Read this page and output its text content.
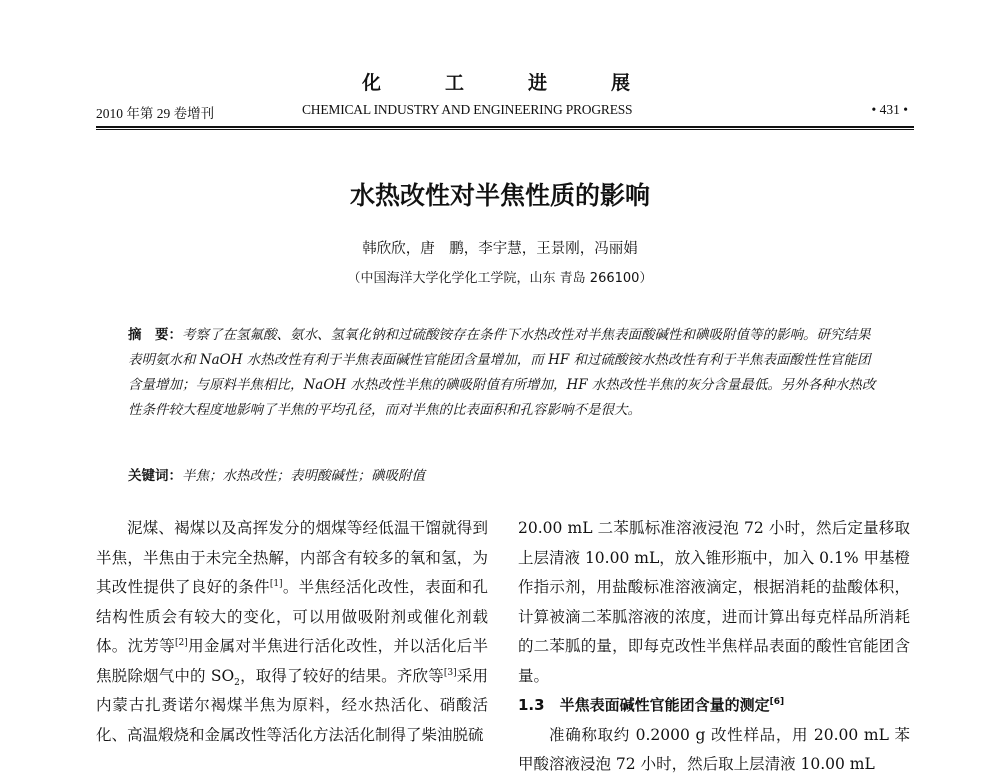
化	工	进	展
2010 年第 29 卷增刊	CHEMICAL INDUSTRY AND ENGINEERING PROGRESS	• 431 •
水热改性对半焦性质的影响
韩欣欣，唐　鹏，李宇慧，王景刚，冯丽娟
（中国海洋大学化学化工学院，山东 青岛 266100）
摘　要：考察了在氢氟酸、氨水、氢氧化钠和过硫酸铵存在条件下水热改性对半焦表面酸碱性和碘吸附值等的影响。研究结果表明氨水和 NaOH 水热改性有利于半焦表面碱性官能团含量增加，而 HF 和过硫酸铵水热改性有利于半焦表面酸性性官能团含量增加；与原料半焦相比，NaOH 水热改性半焦的碘吸附值有所增加，HF 水热改性半焦的灰分含量最低。另外各种水热改性条件较大程度地影响了半焦的平均孔径，而对半焦的比表面积和孔容影响不是很大。
关键词：半焦；水热改性；表明酸碱性；碘吸附值

泥煤、褐煤以及高挥发分的烟煤等经低温干馏就得到半焦，半焦由于未完全热解，内部含有较多的氧和氢，为其改性提供了良好的条件[1]。半焦经活化改性，表面和孔结构性质会有较大的变化，可以用做吸附剂或催化剂载体。沈芳等[2]用金属对半焦进行活化改性，并以活化后半焦脱除烟气中的 $SO_2$，取得了较好的结果。齐欣等[3]采用内蒙古扎赉诺尔褐煤半焦为原料，经水热活化、硝酸活化、高温煅烧和金属改性等活化方法活化制得了柴油脱硫

20.00 mL 二苯胍标准溶液浸泡 72 小时，然后定量移取上层清液 10.00 mL，放入锥形瓶中，加入 0.1% 甲基橙作指示剂，用盐酸标准溶液滴定，根据消耗的盐酸体积，计算被滴二苯胍溶液的浓度，进而计算出每克样品所消耗的二苯胍的量，即每克改性半焦样品表面的酸性官能团含量。

1.3　半焦表面碱性官能团含量的测定[6]

准确称取约 0.2000 g 改性样品，用 20.00 mL 苯甲酸溶液浸泡 72 小时，然后取上层清液 10.00 mL
